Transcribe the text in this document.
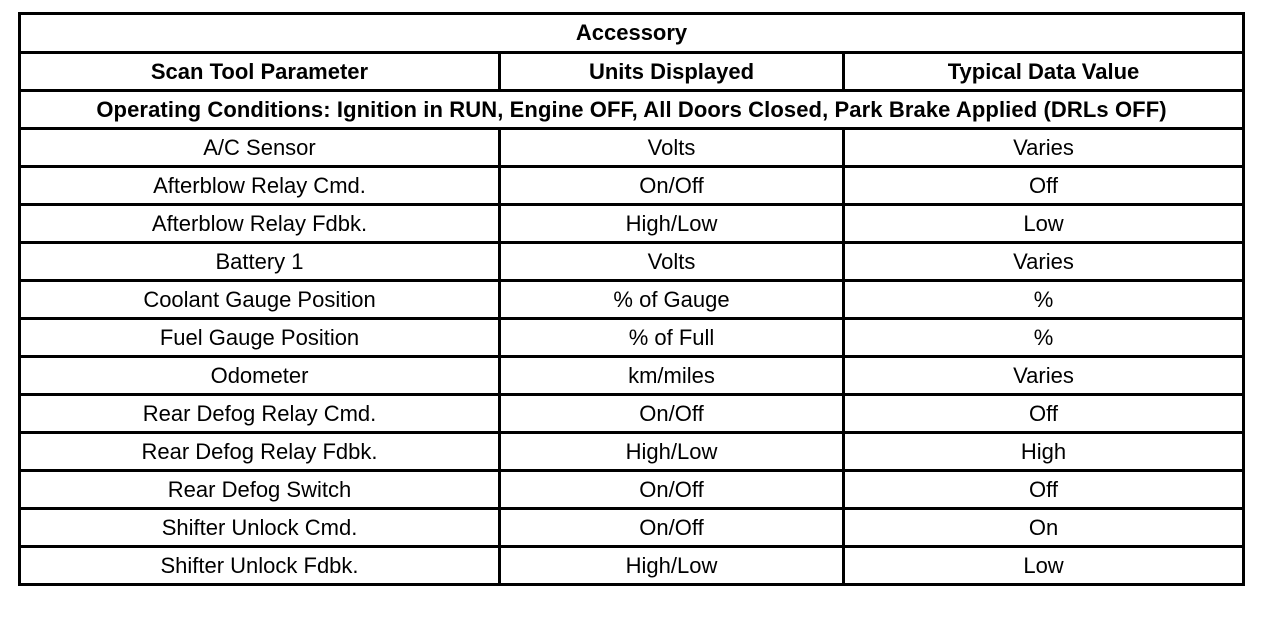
Accessory		
Scan Tool Parameter	Units Displayed	Typical Data Value
Operating Conditions: Ignition in RUN, Engine OFF, All Doors Closed, Park Brake Applied (DRLs OFF)		
A/C Sensor	Volts	Varies
Afterblow Relay Cmd.	On/Off	Off
Afterblow Relay Fdbk.	High/Low	Low
Battery 1	Volts	Varies
Coolant Gauge Position	% of Gauge	%
Fuel Gauge Position	% of Full	%
Odometer	km/miles	Varies
Rear Defog Relay Cmd.	On/Off	Off
Rear Defog Relay Fdbk.	High/Low	High
Rear Defog Switch	On/Off	Off
Shifter Unlock Cmd.	On/Off	On
Shifter Unlock Fdbk.	High/Low	Low
